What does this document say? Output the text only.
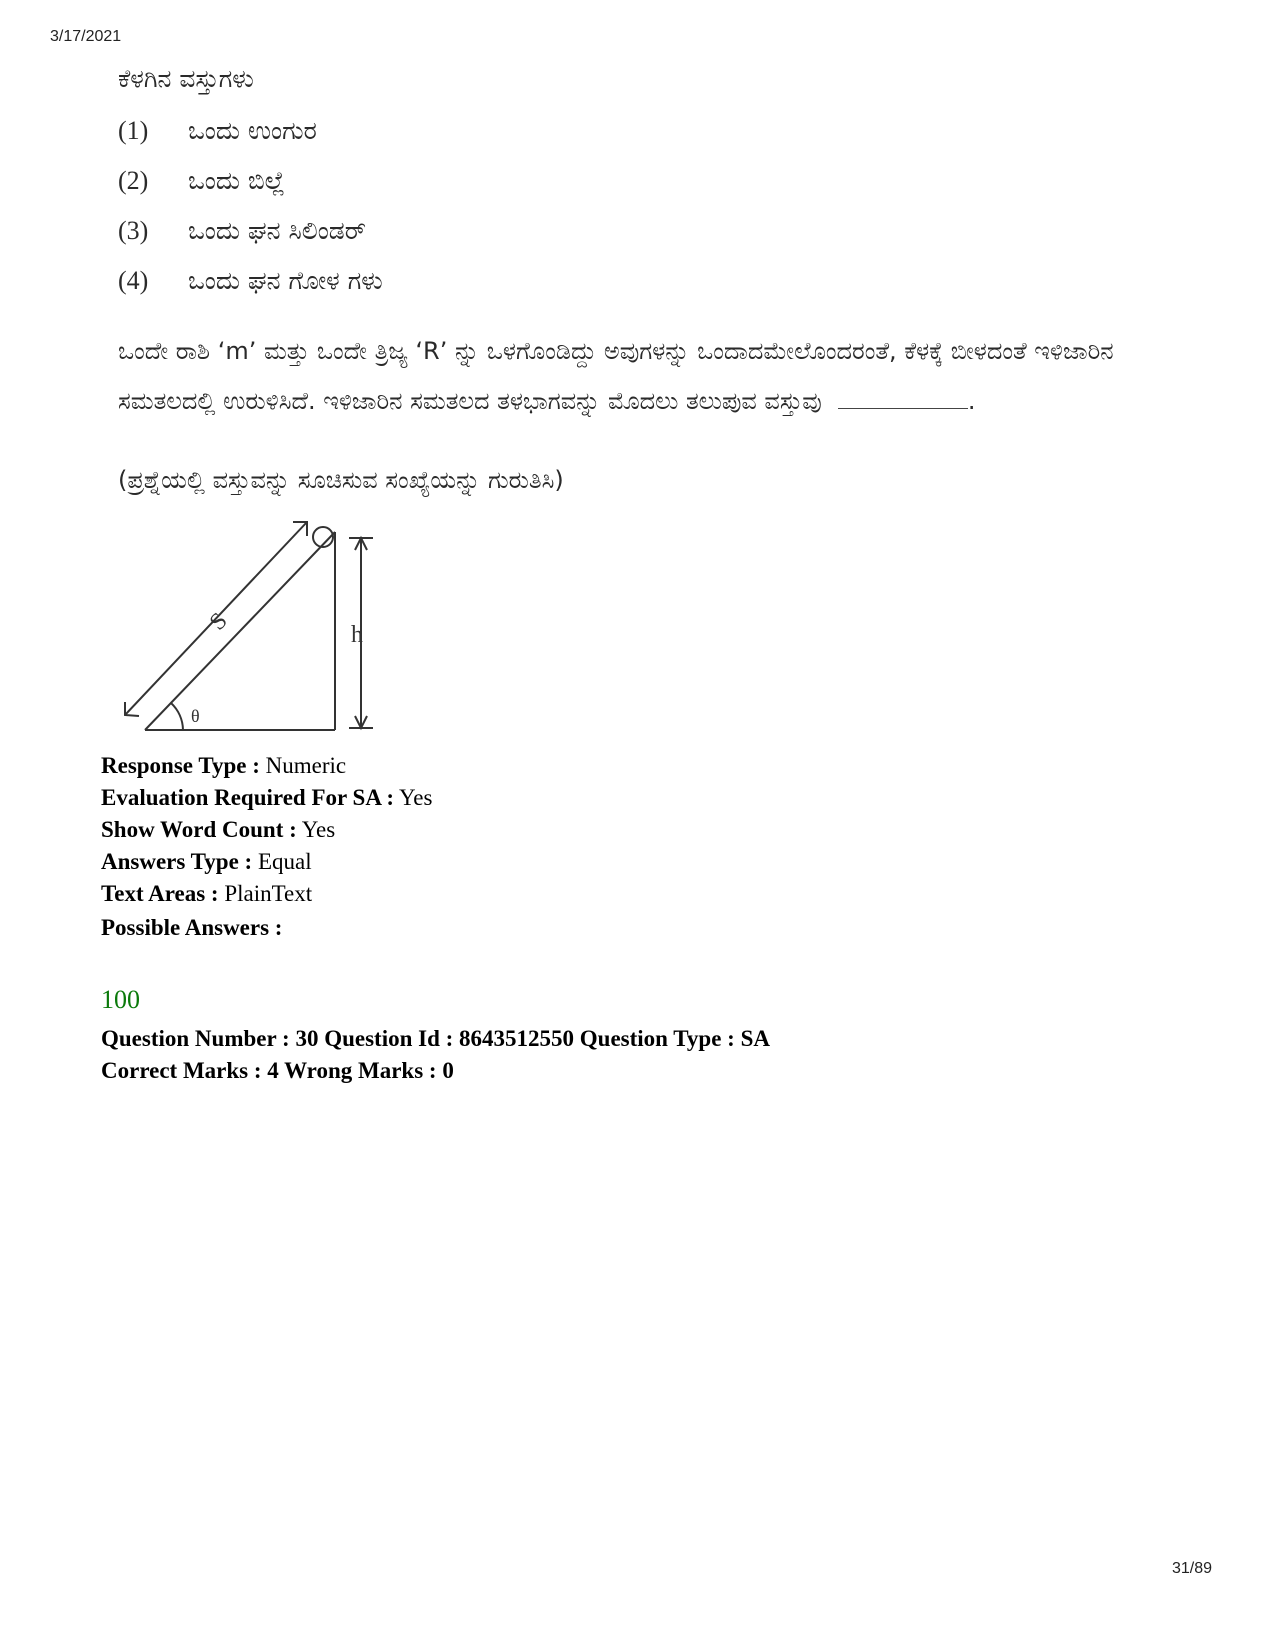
3/17/2021
ಕೆಳಗಿನ ವಸ್ತುಗಳು
(1) ಒಂದು ಉಂಗುರ
(2) ಒಂದು ಬಿಲ್ಲೆ
(3) ಒಂದು ಘನ ಸಿಲಿಂಡರ್
(4) ಒಂದು ಘನ ಗೋಳ ಗಳು
ಒಂದೇ ರಾಶಿ ‘m’ ಮತ್ತು ಒಂದೇ ತ್ರಿಜ್ಯ ‘R’ ನ್ನು ಒಳಗೊಂಡಿದ್ದು ಅವುಗಳನ್ನು ಒಂದಾದಮೇಲೊಂದರಂತೆ, ಕೆಳಕ್ಕೆ ಬೀಳದಂತೆ ಇಳಿಜಾರಿನ ಸಮತಲದಲ್ಲಿ ಉರುಳಿಸಿದೆ. ಇಳಿಜಾರಿನ ಸಮತಲದ ತಳಭಾಗವನ್ನು ಮೊದಲು ತಲುಪುವ ವಸ್ತುವು	.
(ಪ್ರಶ್ನೆಯಲ್ಲಿ ವಸ್ತುವನ್ನು ಸೂಚಿಸುವ ಸಂಖ್ಯೆಯನ್ನು ಗುರುತಿಸಿ)
S	h
θ
Response Type : Numeric
Evaluation Required For SA : Yes
Show Word Count : Yes
Answers Type : Equal
Text Areas : PlainText
Possible Answers :
100
Question Number : 30 Question Id : 8643512550 Question Type : SA
Correct Marks : 4 Wrong Marks : 0
31/89
